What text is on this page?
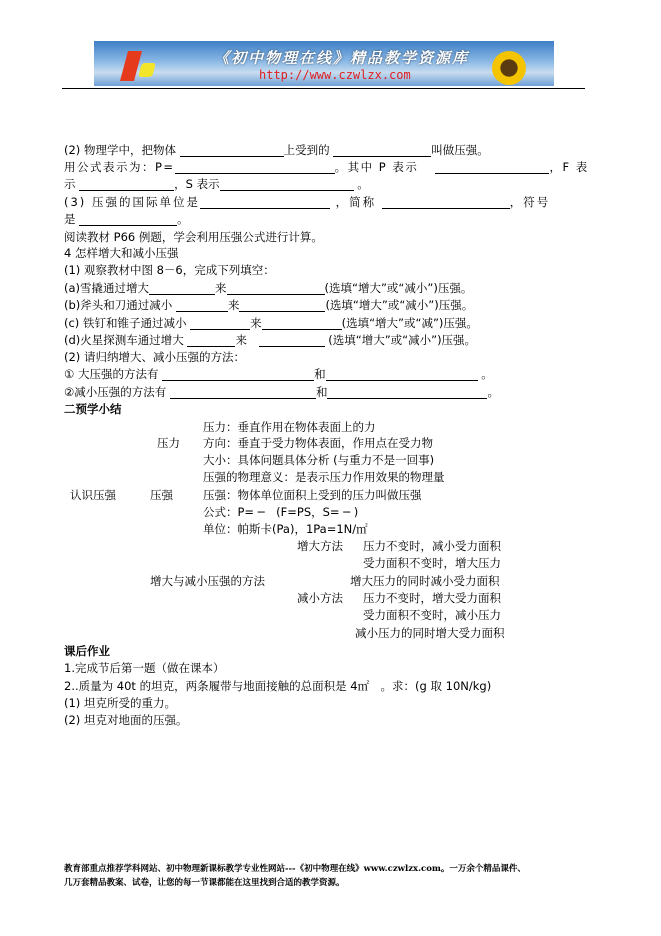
《初中物理在线》精品教学资源库
http://www.czwlzx.com
(2) 物理学中，把物体	上受到的	叫做压强。
用公式表示为：P=	。其中 P 表示	，F 表
示	，S 表示	。
(3) 压强的国际单位是	，简称	，符号
是	。
阅读教材 P66 例题，学会利用压强公式进行计算。
4 怎样增大和减小压强
(1) 观察教材中图 8－6，完成下列填空：
(a)雪撬通过增大	来	(选填“增大”或“减小”)压强。
(b)斧头和刀通过减小	来	(选填“增大”或“减小”)压强。
(c) 铁钉和锥子通过减小	来	(选填“增大”或“减”)压强。
(d)火星探测车通过增大	来	(选填“增大”或“减小”)压强。
(2) 请归纳增大、减小压强的方法：
① 大压强的方法有	和	。
②减小压强的方法有	和	。
二预学小结
压力：垂直作用在物体表面上的力
压力 方向：垂直于受力物体表面，作用点在受力物
大小：具体问题具体分析 (与重力不是一回事)
压强的物理意义：是表示压力作用效果的物理量
认识压强	压强	压强：物体单位面积上受到的压力叫做压强
公式：P= ─　(F=PS，S= ─ )
单位：帕斯卡(Pa)，1Pa=1N/㎡
增大方法 压力不变时，减小受力面积
受力面积不变时，增大压力
增大与减小压强的方法	增大压力的同时减小受力面积
减小方法 压力不变时，增大受力面积
受力面积不变时，减小压力
减小压力的同时增大受力面积
课后作业
1.完成节后第一题（做在课本）
2..质量为 40t 的坦克，两条履带与地面接触的总面积是 4㎡　。求：(g 取 10N/kg)
(1) 坦克所受的重力。
(2) 坦克对地面的压强。
教育部重点推荐学科网站、初中物理新课标教学专业性网站---《初中物理在线》www.czwlzx.com。一万余个精品课件、
几万套精品教案、试卷，让您的每一节课都能在这里找到合适的教学资源。
